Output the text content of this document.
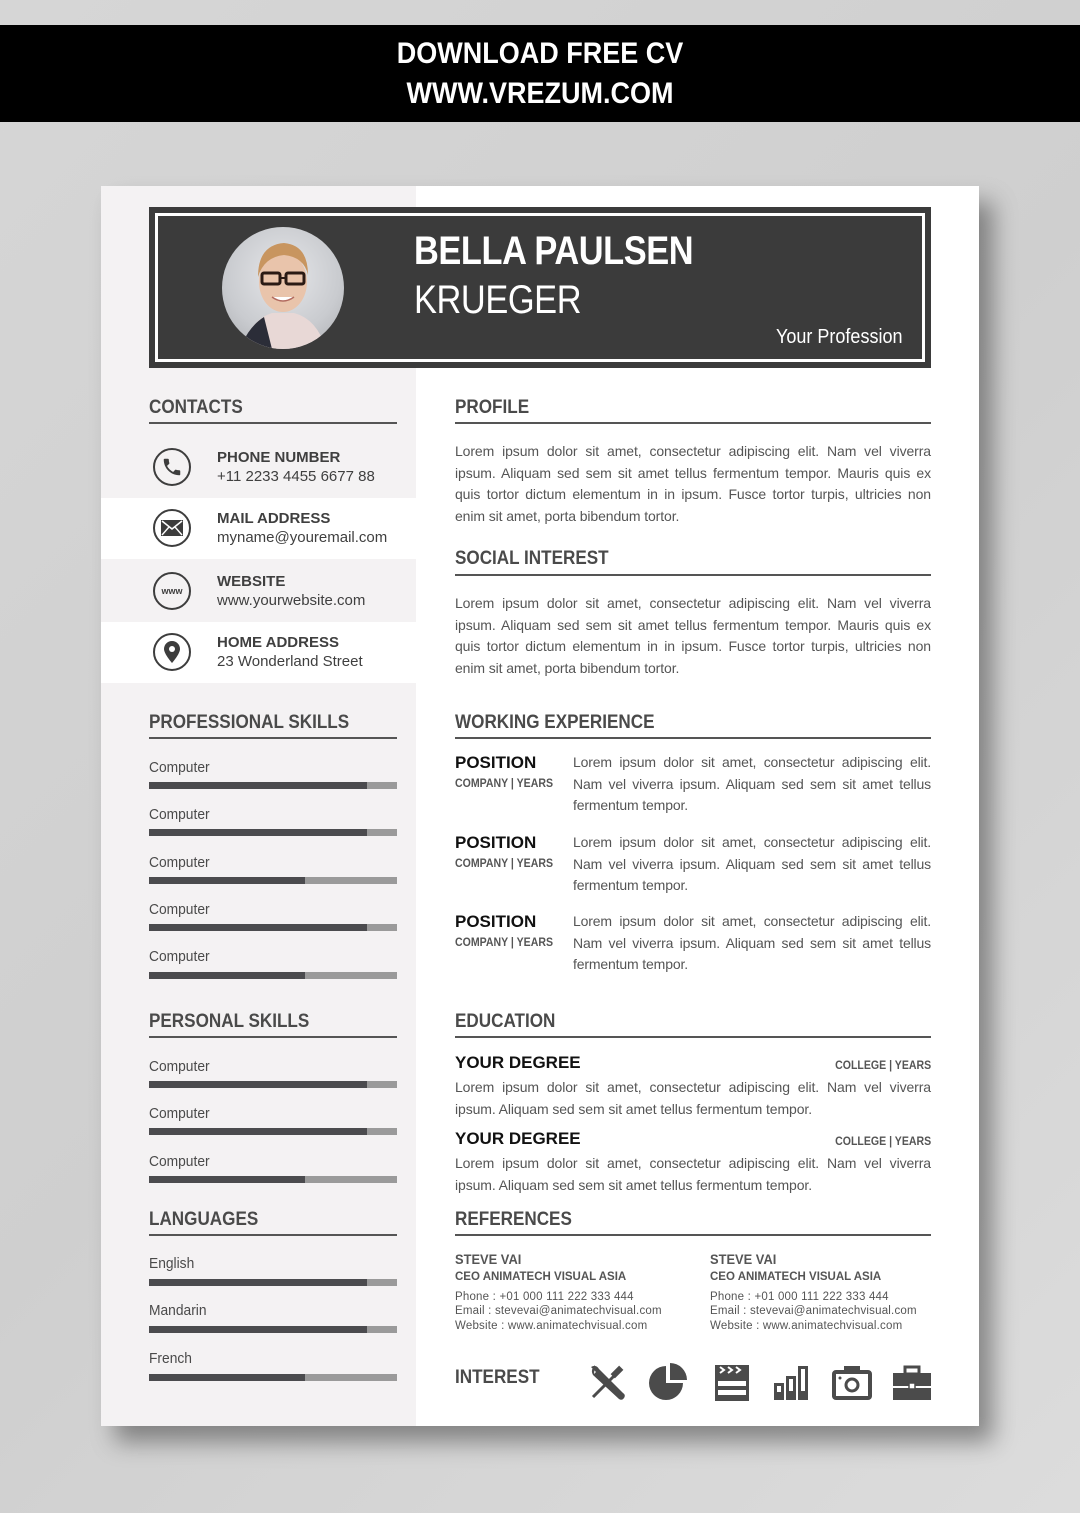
DOWNLOAD FREE CV
WWW.VREZUM.COM
BELLA PAULSEN
KRUEGER
Your Profession
CONTACTS
PHONE NUMBER
+11 2233 4455 6677 88
MAIL ADDRESS
myname@youremail.com
www
WEBSITE
www.yourwebsite.com
HOME ADDRESS
23 Wonderland Street
PROFESSIONAL SKILLS
Computer
Computer
Computer
Computer
Computer
PERSONAL SKILLS
Computer
Computer
Computer
LANGUAGES
English
Mandarin
French
PROFILE
Lorem ipsum dolor sit amet, consectetur adipiscing elit. Nam vel viverra ipsum. Aliquam sed sem sit amet tellus fermentum tempor. Mauris quis ex quis tortor dictum elementum in in ipsum. Fusce tortor turpis, ultricies non enim sit amet, porta bibendum tortor.
SOCIAL INTEREST
Lorem ipsum dolor sit amet, consectetur adipiscing elit. Nam vel viverra ipsum. Aliquam sed sem sit amet tellus fermentum tempor. Mauris quis ex quis tortor dictum elementum in in ipsum. Fusce tortor turpis, ultricies non enim sit amet, porta bibendum tortor.
WORKING EXPERIENCE
POSITION
COMPANY | YEARS
Lorem ipsum dolor sit amet, consectetur adipiscing elit. Nam vel viverra ipsum. Aliquam sed sem sit amet tellus fermentum tempor.
POSITION
COMPANY | YEARS
Lorem ipsum dolor sit amet, consectetur adipiscing elit. Nam vel viverra ipsum. Aliquam sed sem sit amet tellus fermentum tempor.
POSITION
COMPANY | YEARS
Lorem ipsum dolor sit amet, consectetur adipiscing elit. Nam vel viverra ipsum. Aliquam sed sem sit amet tellus fermentum tempor.
EDUCATION
YOUR DEGREE	COLLEGE | YEARS
Lorem ipsum dolor sit amet, consectetur adipiscing elit. Nam vel viverra ipsum. Aliquam sed sem sit amet tellus fermentum tempor.
YOUR DEGREE	COLLEGE | YEARS
Lorem ipsum dolor sit amet, consectetur adipiscing elit. Nam vel viverra ipsum. Aliquam sed sem sit amet tellus fermentum tempor.
REFERENCES
STEVE VAI
CEO ANIMATECH VISUAL ASIA
Phone : +01 000 111 222 333 444
Email : stevevai@animatechvisual.com
Website : www.animatechvisual.com
STEVE VAI
CEO ANIMATECH VISUAL ASIA
Phone : +01 000 111 222 333 444
Email : stevevai@animatechvisual.com
Website : www.animatechvisual.com
INTEREST
